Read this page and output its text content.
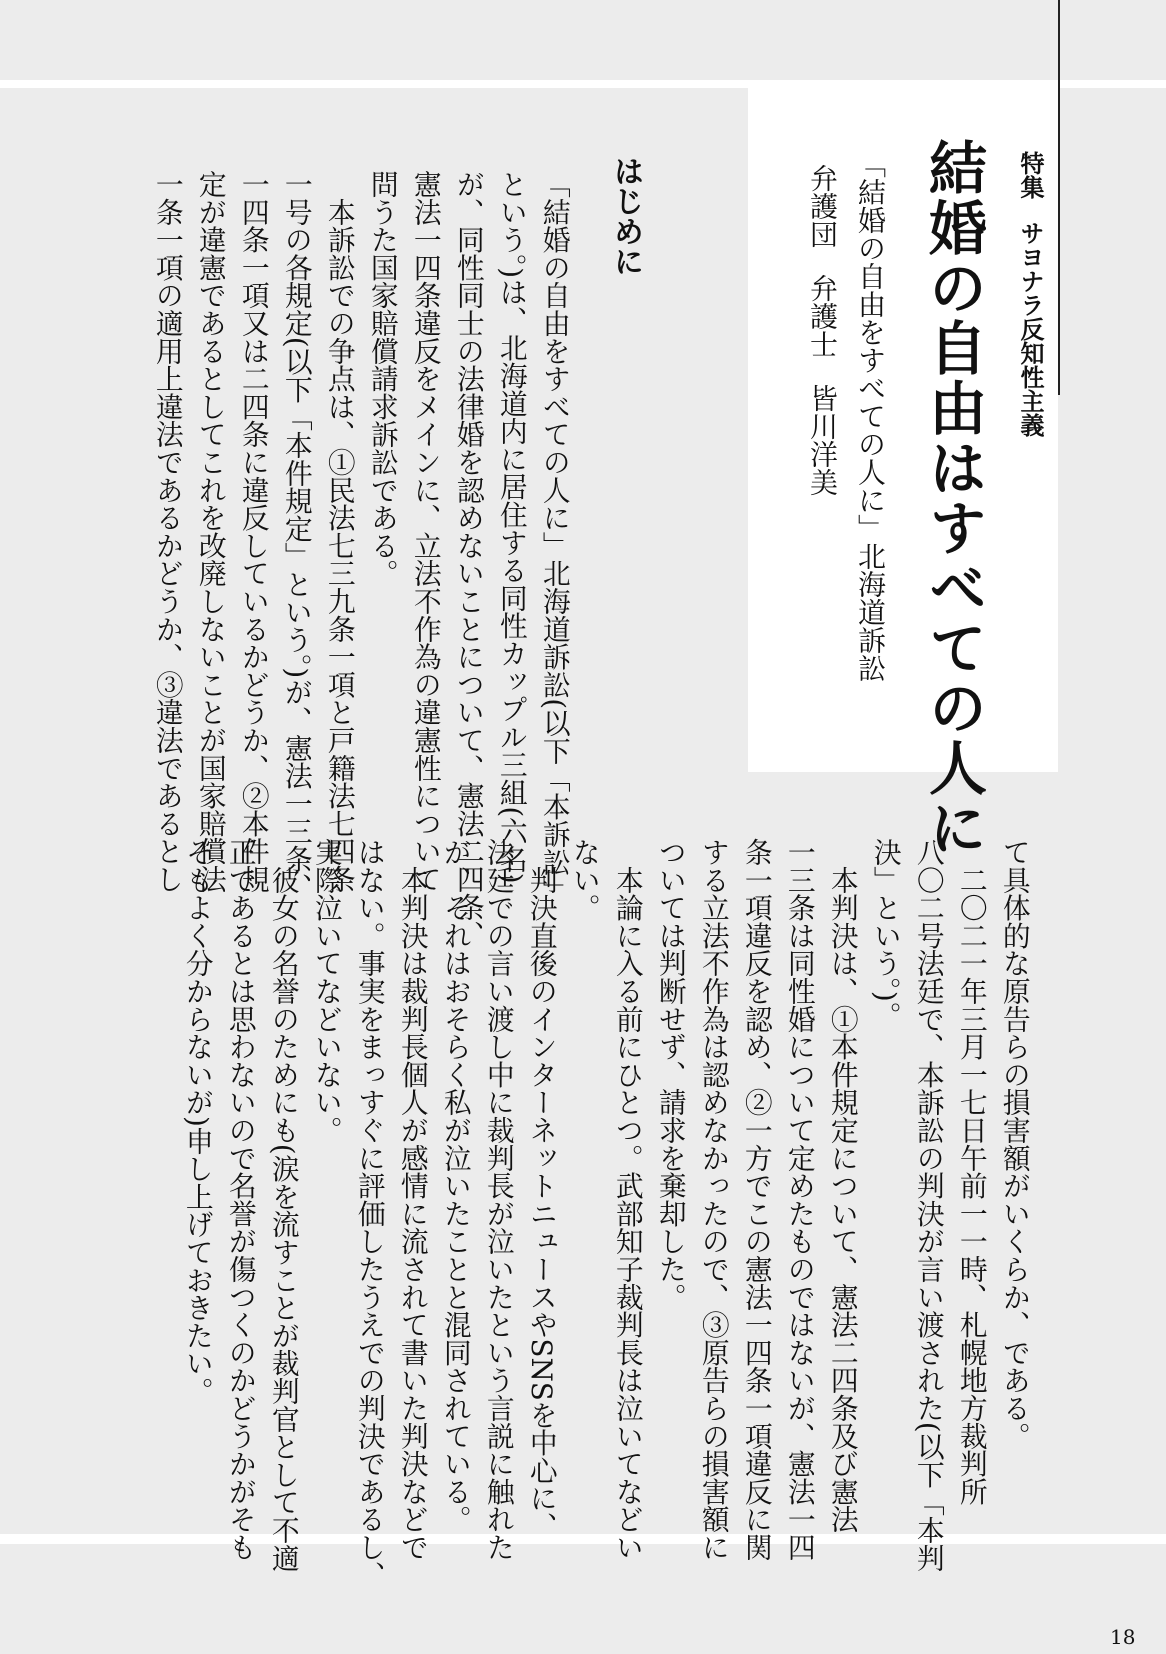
特集サヨナラ反知性主義

結婚の自由はすべての人に
「結婚の自由をすべての人に」北海道訴訟

弁護団弁護士皆川洋美

はじめに
「結婚の自由をすべての人に」北海道訴訟(以下「本訴訟」
という。)は、北海道内に居住する同性カップル三組(六名)
が、同性同士の法律婚を認めないことについて、憲法二四条、
憲法一四条違反をメインに、立法不作為の違憲性について
問うた国家賠償請求訴訟である。
　本訴訟での争点は、①民法七三九条一項と戸籍法七四条
一号の各規定(以下「本件規定」という。)が、憲法一三条、
一四条一項又は二四条に違反しているかどうか、②本件規
定が違憲であるとしてこれを改廃しないことが国家賠償法
一条一項の適用上違法であるかどうか、③違法であるとし
て具体的な原告らの損害額がいくらか、である。
　二〇二一年三月一七日午前一一時、札幌地方裁判所
八〇二号法廷で、本訴訟の判決が言い渡された(以下「本判
決」という。)。
　本判決は、①本件規定について、憲法二四条及び憲法
一三条は同性婚について定めたものではないが、憲法一四
条一項違反を認め、②一方でこの憲法一四条一項違反に関
する立法不作為は認めなかったので、③原告らの損害額に
ついては判断せず、請求を棄却した。
　本論に入る前にひとつ。武部知子裁判長は泣いてなどい
ない。
　判決直後のインターネットニュースやSNSを中心に、
法廷での言い渡し中に裁判長が泣いたという言説に触れた
が、それはおそらく私が泣いたことと混同されている。
　本判決は裁判長個人が感情に流されて書いた判決などで
はない。事実をまっすぐに評価したうえでの判決であるし、
実際泣いてなどいない。
　彼女の名誉のためにも(涙を流すことが裁判官として不適
正であるとは思わないので名誉が傷つくのかどうかがそも
そもよく分からないが)申し上げておきたい。
18
